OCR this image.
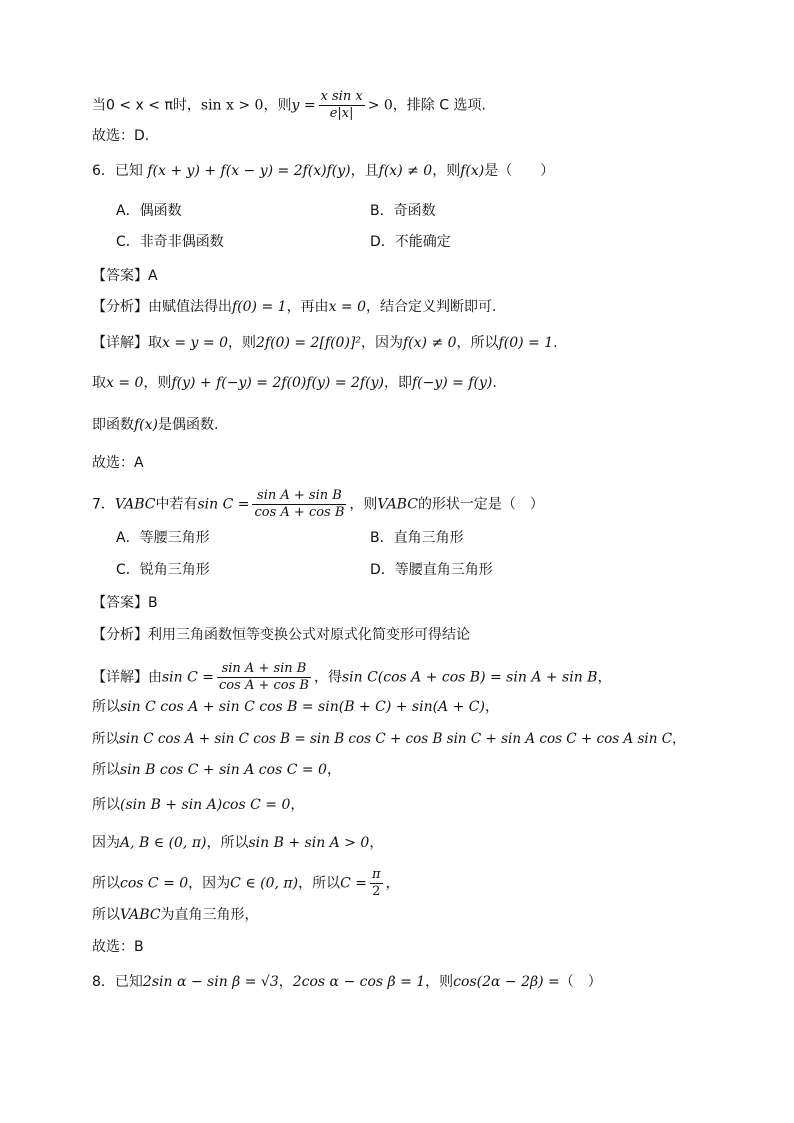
当0 < x < π时，sin x > 0，则$y = \frac{\text{x sin x}}{e|x|} > 0$，排除 C 选项.
故选：D.
6．已知 f(x + y) + f(x − y) = 2f(x)f(y)，且f(x) ≠ 0，则f(x)是（　　）
A．偶函数	B．奇函数
C．非奇非偶函数	D．不能确定
【答案】A
【分析】由赋值法得出f(0) = 1，再由x = 0，结合定义判断即可.
【详解】取x = y = 0，则2f(0) = 2[f(0)]²，因为f(x) ≠ 0，所以f(0) = 1.
取x = 0，则f(y) + f(−y) = 2f(0)f(y) = 2f(y)，即f(−y) = f(y).
即函数f(x)是偶函数.
故选：A
7．VABC中若有$\sin C = \frac{\text{sin A + sin B}}{\text{cos A + cos B}}$ ，则VABC的形状一定是（　）
A．等腰三角形	B．直角三角形
C．锐角三角形	D．等腰直角三角形
【答案】B
【分析】利用三角函数恒等变换公式对原式化简变形可得结论
【详解】由$\sin C = \frac{\text{sin A + sin B}}{\text{cos A + cos B}}$ ，得sin C(cos A + cos B) = sin A + sin B，
所以sin C cos A + sin C cos B = sin(B + C) + sin(A + C)，
所以sin C cos A + sin C cos B = sin B cos C + cos B sin C + sin A cos C + cos A sin C，
所以sin B cos C + sin A cos C = 0，
所以(sin B + sin A)cos C = 0，
因为A, B ∈ (0, π)，所以sin B + sin A > 0，
所以cos C = 0，因为C ∈ (0, π)，所以$C = \frac{\pi}{2}$ ，
所以VABC为直角三角形，
故选：B
8．已知2sin α − sin β = √3，2cos α − cos β = 1，则cos(2α − 2β) =（　）
